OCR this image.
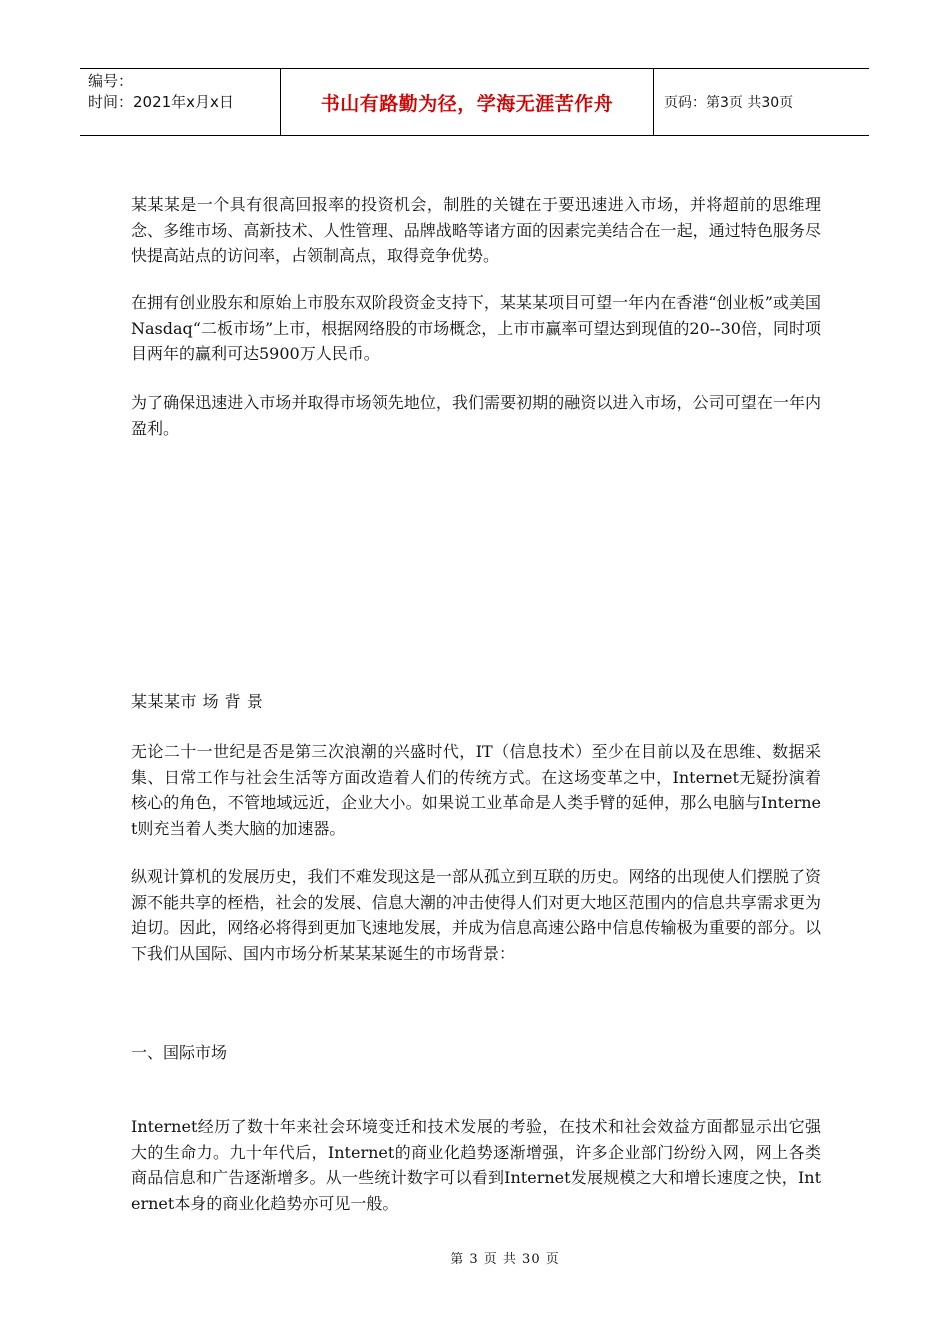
编号：
时间：2021年x月x日	书山有路勤为径，学海无涯苦作舟	页码：第3页 共30页

某某某是一个具有很高回报率的投资机会，制胜的关键在于要迅速进入市场，并将超前的思维理念、多维市场、高新技术、人性管理、品牌战略等诸方面的因素完美结合在一起，通过特色服务尽快提高站点的访问率，占领制高点，取得竞争优势。

在拥有创业股东和原始上市股东双阶段资金支持下，某某某项目可望一年内在香港“创业板”或美国Nasdaq“二板市场”上市，根据网络股的市场概念，上市市赢率可望达到现值的20--30倍，同时项目两年的赢利可达5900万人民币。

为了确保迅速进入市场并取得市场领先地位，我们需要初期的融资以进入市场，公司可望在一年内盈利。

某某某市 场 背 景

无论二十一世纪是否是第三次浪潮的兴盛时代，IT（信息技术）至少在目前以及在思维、数据采集、日常工作与社会生活等方面改造着人们的传统方式。在这场变革之中，Internet无疑扮演着核心的角色，不管地域远近，企业大小。如果说工业革命是人类手臂的延伸，那么电脑与Internet则充当着人类大脑的加速器。

纵观计算机的发展历史，我们不难发现这是一部从孤立到互联的历史。网络的出现使人们摆脱了资源不能共享的桎梏，社会的发展、信息大潮的冲击使得人们对更大地区范围内的信息共享需求更为迫切。因此，网络必将得到更加飞速地发展，并成为信息高速公路中信息传输极为重要的部分。以下我们从国际、国内市场分析某某某诞生的市场背景：

一、国际市场

Internet经历了数十年来社会环境变迁和技术发展的考验，在技术和社会效益方面都显示出它强大的生命力。九十年代后，Internet的商业化趋势逐渐增强，许多企业部门纷纷入网，网上各类商品信息和广告逐渐增多。从一些统计数字可以看到Internet发展规模之大和增长速度之快，Internet本身的商业化趋势亦可见一般。

第 3 页 共 30 页
